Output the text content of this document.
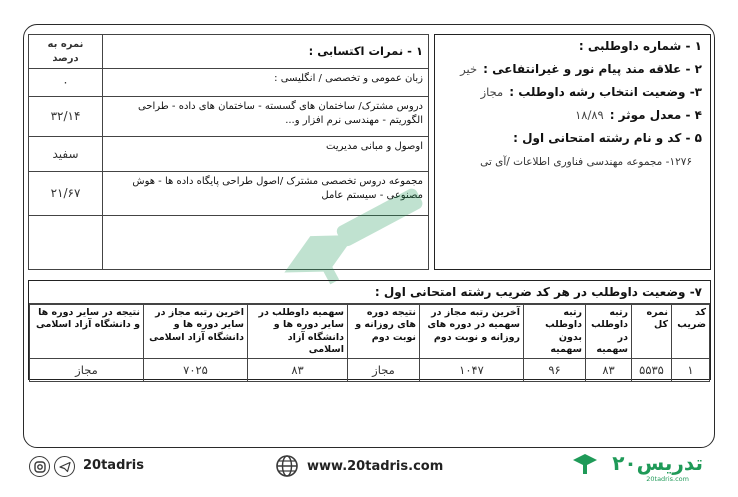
۱ - نمرات اکتسابی :	نمره به درصد
زبان عمومی و تخصصی / انگلیسی :	۰
دروس مشترک/ ساختمان های گسسته - ساختمان های داده - طراحی الگوریتم - مهندسی نرم افزار و...	۳۲/۱۴
اوصول و مبانی مدیریت	سفید
مجموعه دروس تخصصی مشترک /اصول طراحی پایگاه داده ها - هوش مصنوعی - سیستم عامل	۲۱/۶۷

۱ - شماره داوطلبی :
۲ - علاقه مند پیام نور و غیرانتفاعی :
خیر
۳- وضعیت انتخاب رشه داوطلب :
مجاز
۴ - معدل موثر :
۱۸/۸۹
۵ - کد و نام رشته امتحانی اول :
۱۲۷۶- مجموعه مهندسی فناوری اطلاعات /آی تی
۷- وضعیت داوطلب در هر کد ضریب رشته امتحانی اول :
کد ضریب	نمره کل	رتبه داوطلب در سهمیه	رتبه داوطلب بدون سهمیه	آخرین رتبه مجاز در سهمیه در دوره های روزانه و نوبت دوم	نتیجه دوره های روزانه و نوبت دوم	سهمیه داوطلب در سایر دوره ها و دانشگاه آزاد اسلامی	اخرین رتبه مجاز در سایر دوره ها و دانشگاه آزاد اسلامی	نتیجه در سایر دوره ها و دانشگاه آزاد اسلامی
۱	۵۵۳۵	۸۳	۹۶	۱۰۴۷	مجاز	۸۳	۷۰۲۵	مجاز
20tadris	www.20tadris.com	۲۰تدریس
20tadris.com
